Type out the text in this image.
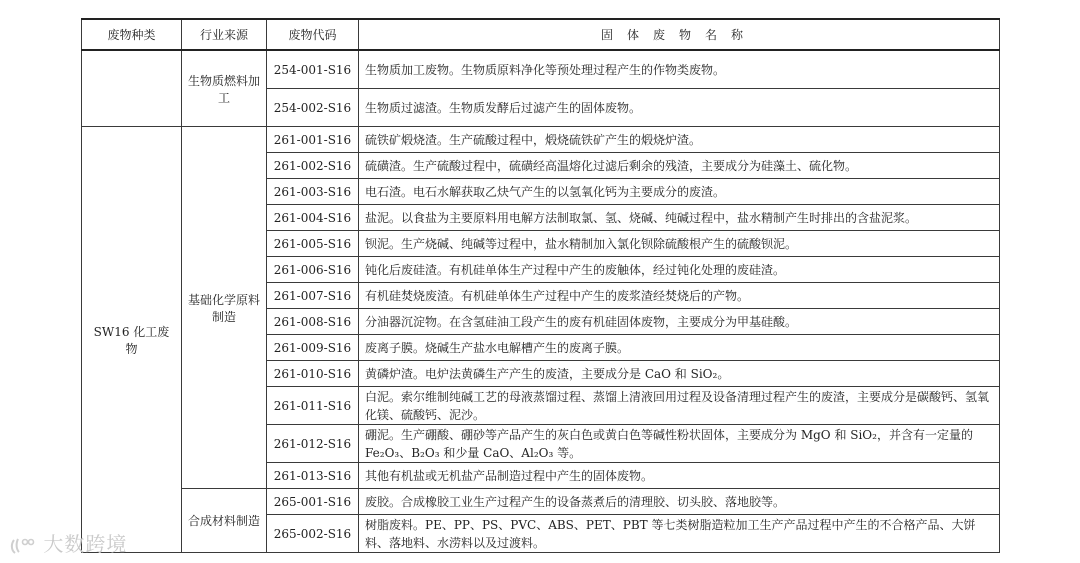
废物种类	行业来源	废物代码	固体废物名称
	生物质燃料加工	254-001-S16	生物质加工废物。生物质原料净化等预处理过程产生的作物类废物。
		254-002-S16	生物质过滤渣。生物质发酵后过滤产生的固体废物。
SW16 化工废物	基础化学原料制造	261-001-S16	硫铁矿煅烧渣。生产硫酸过程中，煅烧硫铁矿产生的煅烧炉渣。
		261-002-S16	硫磺渣。生产硫酸过程中，硫磺经高温熔化过滤后剩余的残渣，主要成分为硅藻土、硫化物。
		261-003-S16	电石渣。电石水解获取乙炔气产生的以氢氧化钙为主要成分的废渣。
		261-004-S16	盐泥。以食盐为主要原料用电解方法制取氯、氢、烧碱、纯碱过程中，盐水精制产生时排出的含盐泥浆。
		261-005-S16	钡泥。生产烧碱、纯碱等过程中，盐水精制加入氯化钡除硫酸根产生的硫酸钡泥。
		261-006-S16	钝化后废硅渣。有机硅单体生产过程中产生的废触体，经过钝化处理的废硅渣。
		261-007-S16	有机硅焚烧废渣。有机硅单体生产过程中产生的废浆渣经焚烧后的产物。
		261-008-S16	分油器沉淀物。在含氢硅油工段产生的废有机硅固体废物，主要成分为甲基硅酸。
		261-009-S16	废离子膜。烧碱生产盐水电解槽产生的废离子膜。
		261-010-S16	黄磷炉渣。电炉法黄磷生产产生的废渣，主要成分是 CaO 和 SiO₂。
		261-011-S16	白泥。索尔维制纯碱工艺的母液蒸馏过程、蒸馏上清液回用过程及设备清理过程产生的废渣，主要成分是碳酸钙、氢氧化镁、硫酸钙、泥沙。
		261-012-S16	硼泥。生产硼酸、硼砂等产品产生的灰白色或黄白色等碱性粉状固体，主要成分为 MgO 和 SiO₂，并含有一定量的 Fe₂O₃、B₂O₃ 和少量 CaO、Al₂O₃ 等。
		261-013-S16	其他有机盐或无机盐产品制造过程中产生的固体废物。
	合成材料制造	265-001-S16	废胶。合成橡胶工业生产过程产生的设备蒸煮后的清理胶、切头胶、落地胶等。
		265-002-S16	树脂废料。PE、PP、PS、PVC、ABS、PET、PBT 等七类树脂造粒加工生产产品过程中产生的不合格产品、大饼料、落地料、水涝料以及过渡料。
大数跨境
